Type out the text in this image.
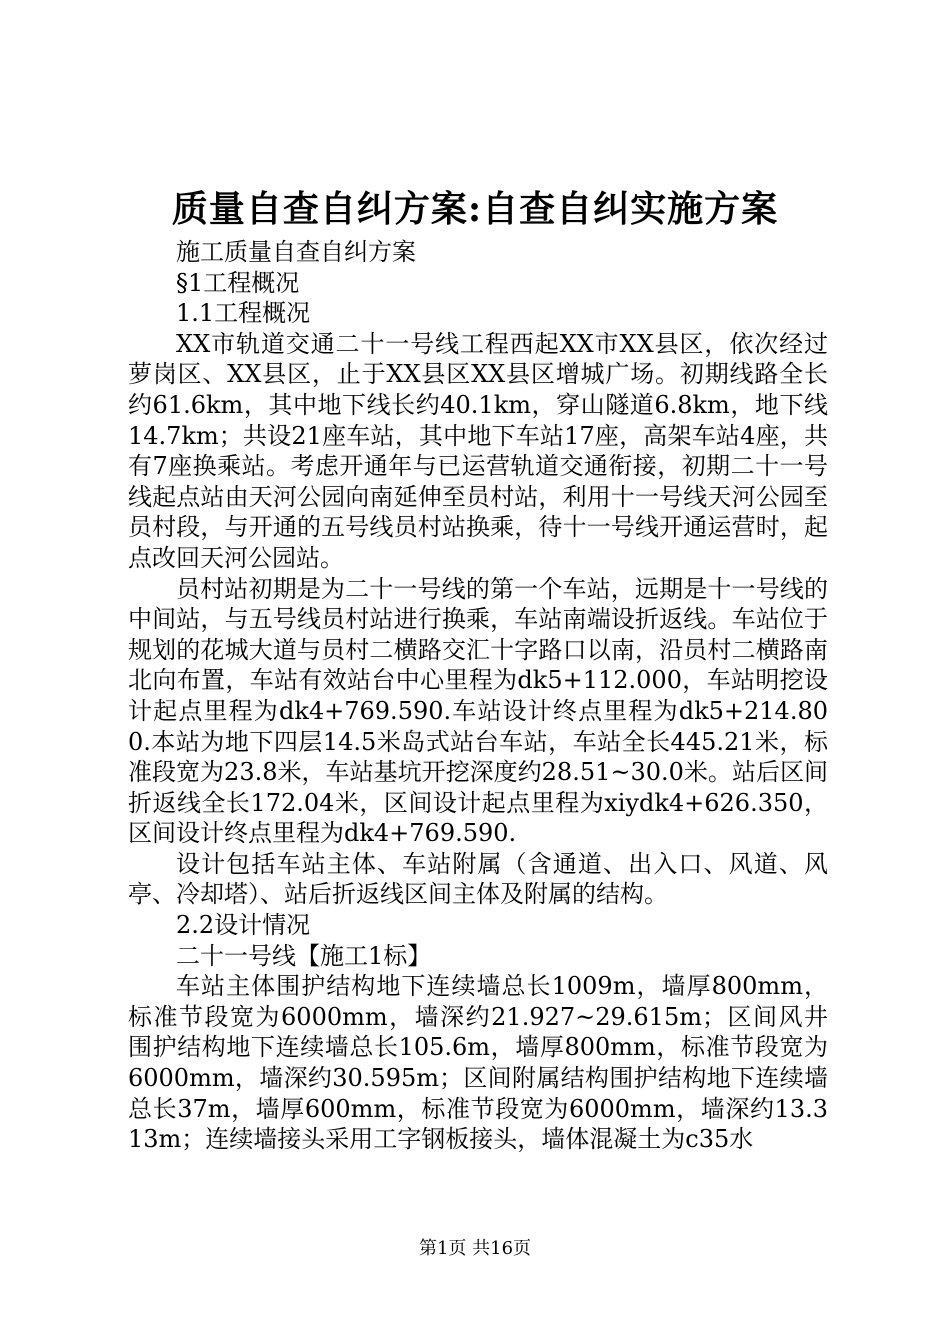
质量自查自纠方案:自查自纠实施方案

施工质量自查自纠方案

§1工程概况

1.1工程概况

XX市轨道交通二十一号线工程西起XX市XX县区，依次经过萝岗区、XX县区，止于XX县区XX县区增城广场。初期线路全长约61.6km，其中地下线长约40.1km，穿山隧道6.8km，地下线14.7km；共设21座车站，其中地下车站17座，高架车站4座，共有7座换乘站。考虑开通年与已运营轨道交通衔接，初期二十一号线起点站由天河公园向南延伸至员村站，利用十一号线天河公园至员村段，与开通的五号线员村站换乘，待十一号线开通运营时，起点改回天河公园站。

员村站初期是为二十一号线的第一个车站，远期是十一号线的中间站，与五号线员村站进行换乘，车站南端设折返线。车站位于规划的花城大道与员村二横路交汇十字路口以南，沿员村二横路南北向布置，车站有效站台中心里程为dk5+112.000，车站明挖设计起点里程为dk4+769.590.车站设计终点里程为dk5+214.800.本站为地下四层14.5米岛式站台车站，车站全长445.21米，标准段宽为23.8米，车站基坑开挖深度约28.51~30.0米。站后区间折返线全长172.04米，区间设计起点里程为xiydk4+626.350，区间设计终点里程为dk4+769.590.

设计包括车站主体、车站附属（含通道、出入口、风道、风亭、冷却塔）、站后折返线区间主体及附属的结构。

2.2设计情况

二十一号线【施工1标】

车站主体围护结构地下连续墙总长1009m，墙厚800mm，标准节段宽为6000mm，墙深约21.927~29.615m；区间风井围护结构地下连续墙总长105.6m，墙厚800mm，标准节段宽为6000mm，墙深约30.595m；区间附属结构围护结构地下连续墙总长37m，墙厚600mm，标准节段宽为6000mm，墙深约13.313m；连续墙接头采用工字钢板接头，墙体混凝土为c35水

第1页 共16页
